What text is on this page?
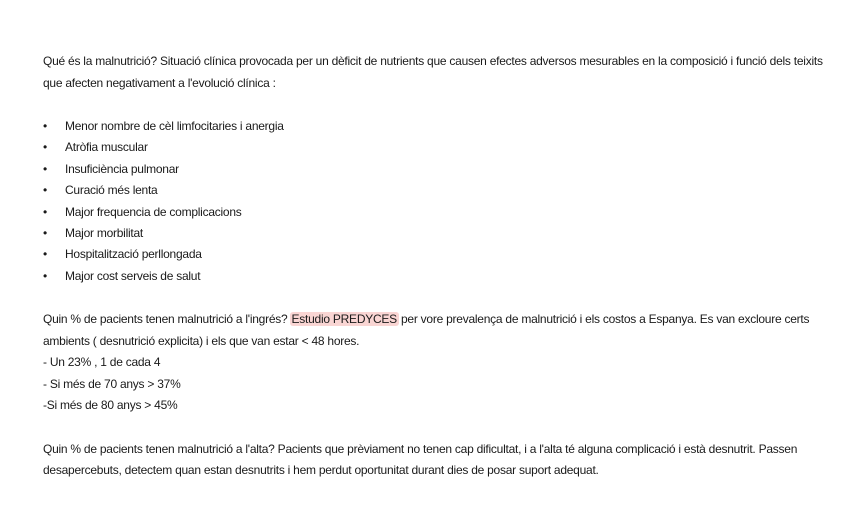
Qué és la malnutrició? Situació clínica provocada per un dèficit de nutrients que causen efectes adversos mesurables en la composició i funció dels teixits que afecten negativament a l'evolució clínica :

•	Menor nombre de cèl limfocitaries i anergia
•	Atròfia muscular
•	Insuficiència pulmonar
•	Curació més lenta
•	Major frequencia de complicacions
•	Major morbilitat
•	Hospitalització perllongada
•	Major cost serveis de salut

Quin % de pacients tenen malnutrició a l'ingrés? Estudio PREDYCES per vore prevalença de malnutrició i els costos a Espanya. Es van excloure certs ambients ( desnutrició explicita) i els que van estar < 48 hores.

- Un 23% , 1 de cada 4

- Si més de 70 anys > 37%

-Si més de 80 anys > 45%

Quin % de pacients tenen malnutrició a l'alta? Pacients que prèviament no tenen cap dificultat, i a l'alta té alguna complicació i està desnutrit. Passen desapercebuts, detectem quan estan desnutrits i hem perdut oportunitat durant dies de posar suport adequat.
